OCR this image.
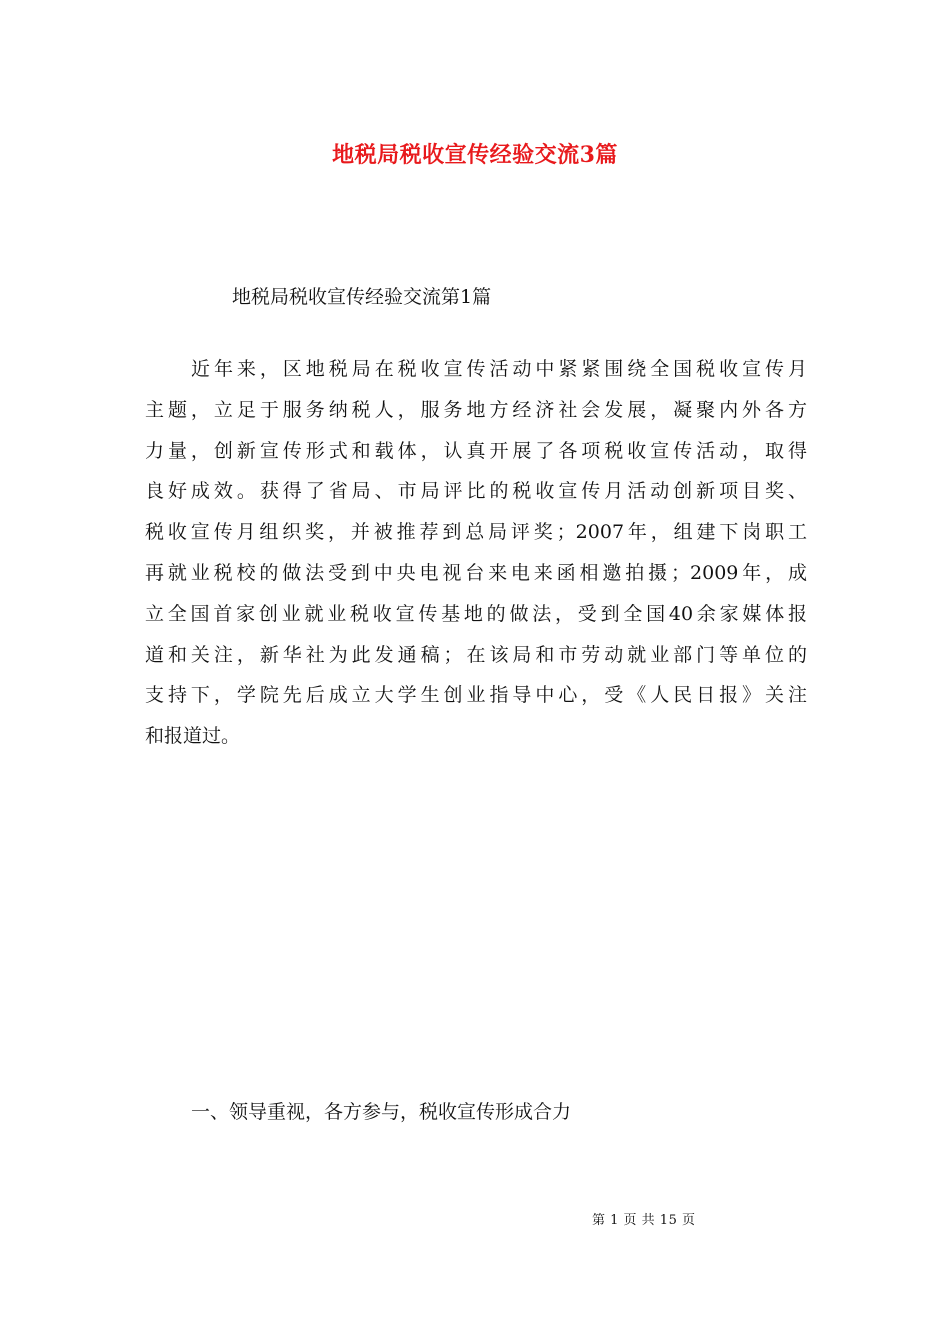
地税局税收宣传经验交流3篇
地税局税收宣传经验交流第1篇
近年来，区地税局在税收宣传活动中紧紧围绕全国税收宣传月
主题，立足于服务纳税人，服务地方经济社会发展，凝聚内外各方
力量，创新宣传形式和载体，认真开展了各项税收宣传活动，取得
良好成效。获得了省局、市局评比的税收宣传月活动创新项目奖、
税收宣传月组织奖，并被推荐到总局评奖；2007年，组建下岗职工
再就业税校的做法受到中央电视台来电来函相邀拍摄；2009年，成
立全国首家创业就业税收宣传基地的做法，受到全国40余家媒体报
道和关注，新华社为此发通稿；在该局和市劳动就业部门等单位的
支持下，学院先后成立大学生创业指导中心，受《人民日报》关注
和报道过。
一、领导重视，各方参与，税收宣传形成合力
第 1 页 共 15 页
